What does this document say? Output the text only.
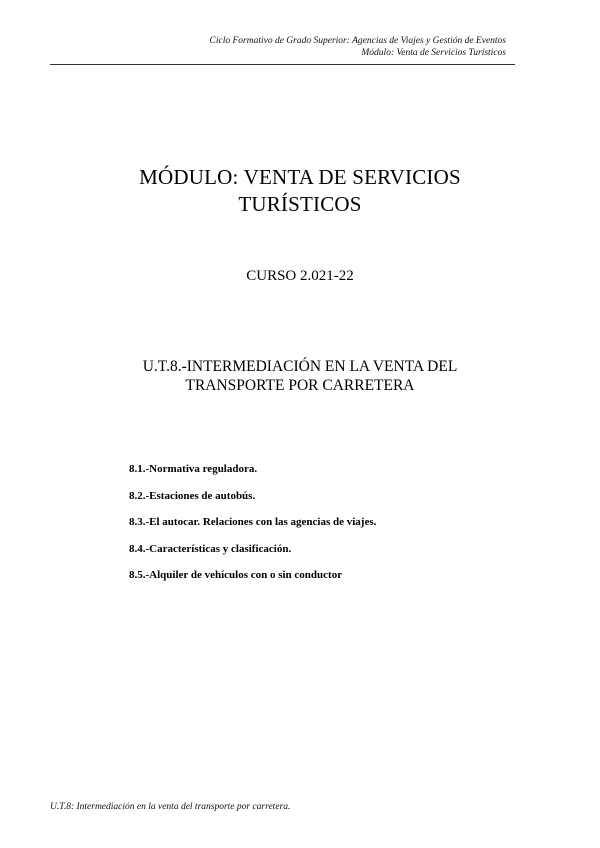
Ciclo Formativo de Grado Superior: Agencias de Viajes y Gestión de Eventos
Módulo: Venta de Servicios Turísticos
MÓDULO: VENTA DE SERVICIOS
TURÍSTICOS
CURSO 2.021-22
U.T.8.-INTERMEDIACIÓN EN LA VENTA DEL
TRANSPORTE POR CARRETERA
8.1.-Normativa reguladora.
8.2.-Estaciones de autobús.
8.3.-El autocar. Relaciones con las agencias de viajes.
8.4.-Características y clasificación.
8.5.-Alquiler de vehículos con o sin conductor
U.T.8: Intermediación en la venta del transporte por carretera.
